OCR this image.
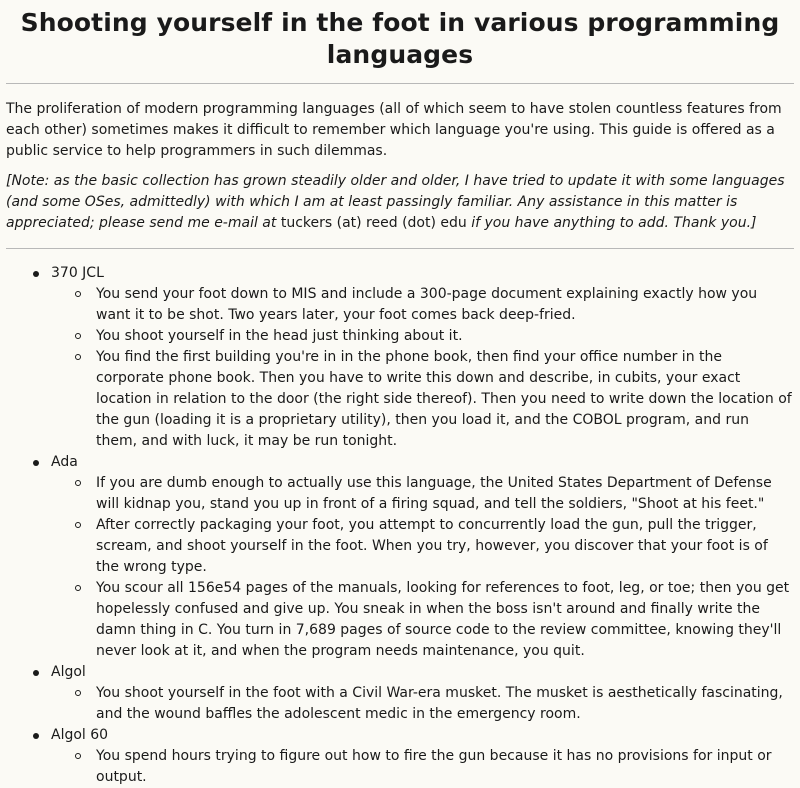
Shooting yourself in the foot in various programming languages

The proliferation of modern programming languages (all of which seem to have stolen countless features from each other) sometimes makes it difficult to remember which language you're using. This guide is offered as a public service to help programmers in such dilemmas.

[Note: as the basic collection has grown steadily older and older, I have tried to update it with some languages (and some OSes, admittedly) with which I am at least passingly familiar. Any assistance in this matter is appreciated; please send me e-mail at tuckers (at) reed (dot) edu if you have anything to add. Thank you.]

370 JCL
You send your foot down to MIS and include a 300-page document explaining exactly how you want it to be shot. Two years later, your foot comes back deep-fried.
You shoot yourself in the head just thinking about it.
You find the first building you're in in the phone book, then find your office number in the corporate phone book. Then you have to write this down and describe, in cubits, your exact location in relation to the door (the right side thereof). Then you need to write down the location of the gun (loading it is a proprietary utility), then you load it, and the COBOL program, and run them, and with luck, it may be run tonight.
Ada
If you are dumb enough to actually use this language, the United States Department of Defense will kidnap you, stand you up in front of a firing squad, and tell the soldiers, "Shoot at his feet."
After correctly packaging your foot, you attempt to concurrently load the gun, pull the trigger, scream, and shoot yourself in the foot. When you try, however, you discover that your foot is of the wrong type.
You scour all 156e54 pages of the manuals, looking for references to foot, leg, or toe; then you get hopelessly confused and give up. You sneak in when the boss isn't around and finally write the damn thing in C. You turn in 7,689 pages of source code to the review committee, knowing they'll never look at it, and when the program needs maintenance, you quit.
Algol
You shoot yourself in the foot with a Civil War-era musket. The musket is aesthetically fascinating, and the wound baffles the adolescent medic in the emergency room.
Algol 60
You spend hours trying to figure out how to fire the gun because it has no provisions for input or output.
